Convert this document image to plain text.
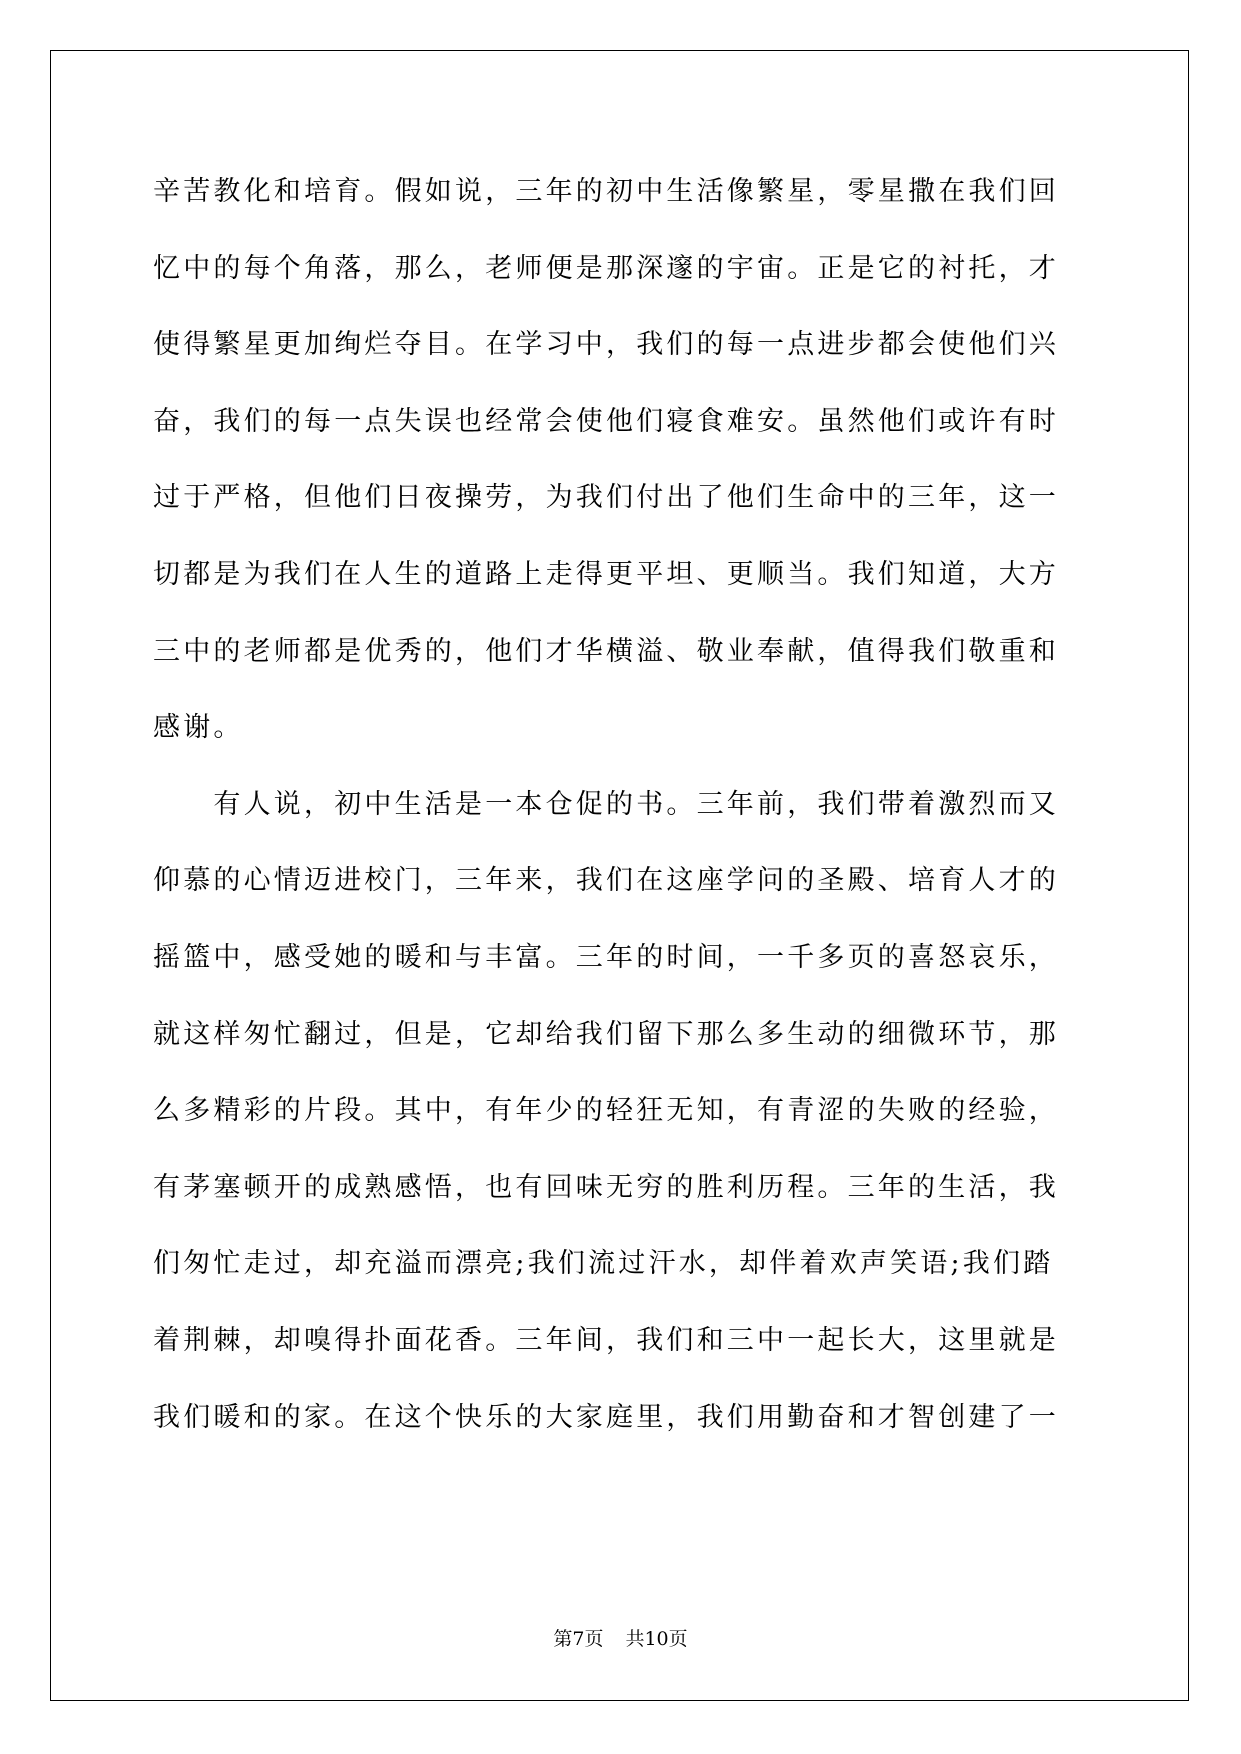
辛苦教化和培育。假如说，三年的初中生活像繁星，零星撒在我们回
忆中的每个角落，那么，老师便是那深邃的宇宙。正是它的衬托，才
使得繁星更加绚烂夺目。在学习中，我们的每一点进步都会使他们兴
奋，我们的每一点失误也经常会使他们寝食难安。虽然他们或许有时
过于严格，但他们日夜操劳，为我们付出了他们生命中的三年，这一
切都是为我们在人生的道路上走得更平坦、更顺当。我们知道，大方
三中的老师都是优秀的，他们才华横溢、敬业奉献，值得我们敬重和
感谢。
　　有人说，初中生活是一本仓促的书。三年前，我们带着激烈而又
仰慕的心情迈进校门，三年来，我们在这座学问的圣殿、培育人才的
摇篮中，感受她的暖和与丰富。三年的时间，一千多页的喜怒哀乐，
就这样匆忙翻过，但是，它却给我们留下那么多生动的细微环节，那
么多精彩的片段。其中，有年少的轻狂无知，有青涩的失败的经验，
有茅塞顿开的成熟感悟，也有回味无穷的胜利历程。三年的生活，我
们匆忙走过，却充溢而漂亮;我们流过汗水，却伴着欢声笑语;我们踏
着荆棘，却嗅得扑面花香。三年间，我们和三中一起长大，这里就是
我们暖和的家。在这个快乐的大家庭里，我们用勤奋和才智创建了一
第7页 共10页
